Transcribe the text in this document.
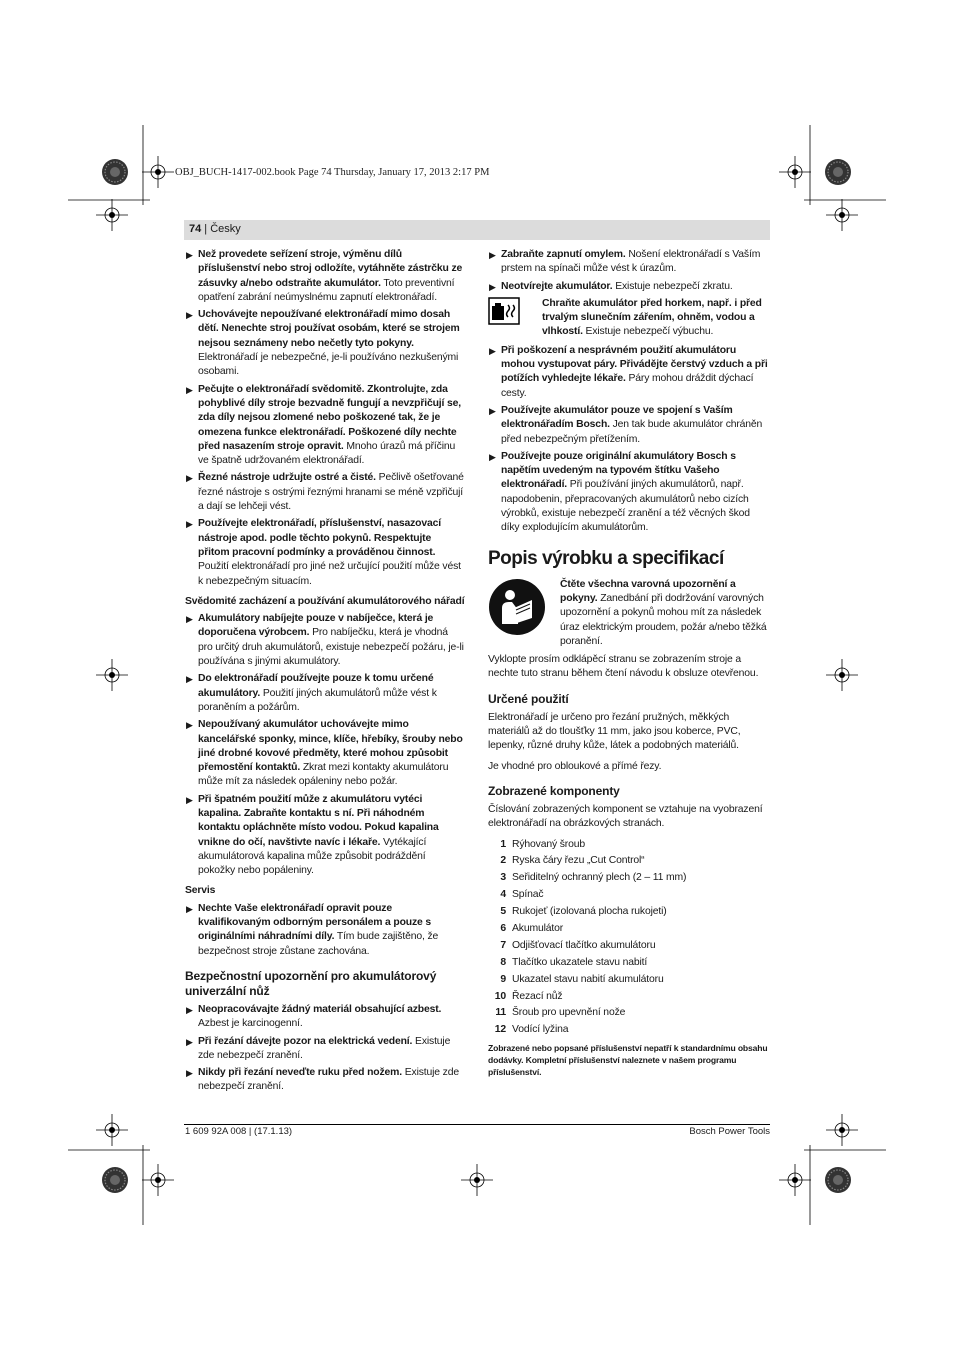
OBJ_BUCH-1417-002.book Page 74 Thursday, January 17, 2013 2:17 PM
74 | Česky
▶ Než provedete seřízení stroje, výměnu dílů příslušenství nebo stroj odložíte, vytáhněte zástrčku ze zásuvky a/nebo odstraňte akumulátor. Toto preventivní opatření zabrání neúmyslnému zapnutí elektronářadí.
▶ Uchovávejte nepoužívané elektronářadí mimo dosah dětí. Nenechte stroj používat osobám, které se strojem nejsou seznámeny nebo nečetly tyto pokyny. Elektronářadí je nebezpečné, je-li používáno nezkušenými osobami.
▶ Pečujte o elektronářadí svědomitě. Zkontrolujte, zda pohyblivé díly stroje bezvadně fungují a nevzpřičují se, zda díly nejsou zlomené nebo poškozené tak, že je omezena funkce elektronářadí. Poškozené díly nechte před nasazením stroje opravit. Mnoho úrazů má příčinu ve špatně udržovaném elektronářadí.
▶ Řezné nástroje udržujte ostré a čisté. Pečlivě ošetřované řezné nástroje s ostrými řeznými hranami se méně vzpřičují a dají se lehčeji vést.
▶ Používejte elektronářadí, příslušenství, nasazovací nástroje apod. podle těchto pokynů. Respektujte přitom pracovní podmínky a prováděnou činnost. Použití elektronářadí pro jiné než určující použití může vést k nebezpečným situacím.
Svědomité zacházení a používání akumulátorového nářadí
▶ Akumulátory nabíjejte pouze v nabíječce, která je doporučena výrobcem. Pro nabíječku, která je vhodná pro určitý druh akumulátorů, existuje nebezpečí požáru, je-li používána s jinými akumulátory.
▶ Do elektronářadí používejte pouze k tomu určené akumulátory. Použití jiných akumulátorů může vést k poraněním a požárům.
▶ Nepoužívaný akumulátor uchovávejte mimo kancelářské sponky, mince, klíče, hřebíky, šrouby nebo jiné drobné kovové předměty, které mohou způsobit přemostění kontaktů. Zkrat mezi kontakty akumulátoru může mít za následek opáleniny nebo požár.
▶ Při špatném použití může z akumulátoru vytéci kapalina. Zabraňte kontaktu s ní. Při náhodném kontaktu opláchněte místo vodou. Pokud kapalina vnikne do očí, navštivte navíc i lékaře. Vytékající akumulátorová kapalina může způsobit podráždění pokožky nebo popáleniny.
Servis
▶ Nechte Vaše elektronářadí opravit pouze kvalifikovaným odborným personálem a pouze s originálními náhradními díly. Tím bude zajištěno, že bezpečnost stroje zůstane zachována.
Bezpečnostní upozornění pro akumulátorový univerzální nůž
▶ Neopracovávajte žádný materiál obsahující azbest. Azbest je karcinogenní.
▶ Při řezání dávejte pozor na elektrická vedení. Existuje zde nebezpečí zranění.
▶ Nikdy při řezání neveďte ruku před nožem. Existuje zde nebezpečí zranění.
▶ Zabraňte zapnutí omylem. Nošení elektronářadí s Vaším prstem na spínači může vést k úrazům.
▶ Neotvírejte akumulátor. Existuje nebezpečí zkratu.
Chraňte akumulátor před horkem, např. i před trvalým slunečním zářením, ohněm, vodou a vlhkostí. Existuje nebezpečí výbuchu.
▶ Při poškození a nesprávném použití akumulátoru mohou vystupovat páry. Přivádějte čerstvý vzduch a při potížích vyhledejte lékaře. Páry mohou dráždit dýchací cesty.
▶ Používejte akumulátor pouze ve spojení s Vaším elektronářadím Bosch. Jen tak bude akumulátor chráněn před nebezpečným přetížením.
▶ Používejte pouze originální akumulátory Bosch s napětím uvedeným na typovém štítku Vašeho elektronářadí. Při používání jiných akumulátorů, např. napodobenin, přepracovaných akumulátorů nebo cizích výrobků, existuje nebezpečí zranění a též věcných škod díky explodujícím akumulátorům.
Popis výrobku a specifikací
Čtěte všechna varovná upozornění a pokyny. Zanedbání při dodržování varovných upozornění a pokynů mohou mít za následek úraz elektrickým proudem, požár a/nebo těžká poranění.
Vyklopte prosím odklápěcí stranu se zobrazením stroje a nechte tuto stranu během čtení návodu k obsluze otevřenou.
Určené použití
Elektronářadí je určeno pro řezání pružných, měkkých materiálů až do tloušťky 11 mm, jako jsou koberce, PVC, lepenky, různé druhy kůže, látek a podobných materiálů.
Je vhodné pro obloukové a přímé řezy.
Zobrazené komponenty
Číslování zobrazených komponent se vztahuje na vyobrazení elektronářadí na obrázkových stranách.
1 Rýhovaný šroub
2 Ryska čáry řezu „Cut Control“
3 Seřiditelný ochranný plech (2 – 11 mm)
4 Spínač
5 Rukojeť (izolovaná plocha rukojeti)
6 Akumulátor
7 Odjišťovací tlačítko akumulátoru
8 Tlačítko ukazatele stavu nabití
9 Ukazatel stavu nabití akumulátoru
10 Řezací nůž
11 Šroub pro upevnění nože
12 Vodící lyžina
Zobrazené nebo popsané příslušenství nepatří k standardnímu obsahu dodávky. Kompletní příslušenství naleznete v našem programu příslušenství.
1 609 92A 008 | (17.1.13)	Bosch Power Tools
